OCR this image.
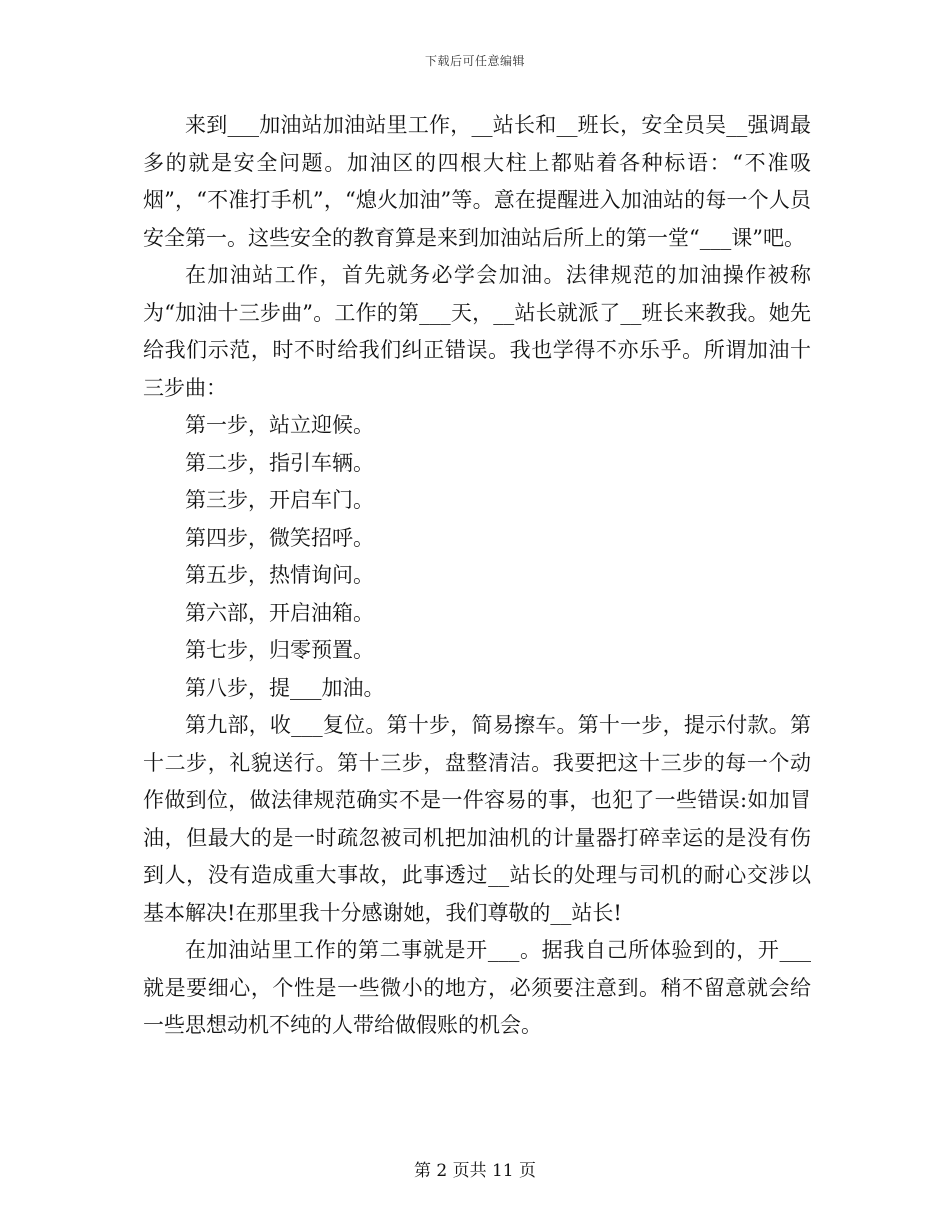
下载后可任意编辑

来到___加油站加油站里工作，__站长和__班长，安全员吴__强调最多的就是安全问题。加油区的四根大柱上都贴着各种标语：“不准吸烟”，“不准打手机”，“熄火加油”等。意在提醒进入加油站的每一个人员安全第一。这些安全的教育算是来到加油站后所上的第一堂“___课”吧。

在加油站工作，首先就务必学会加油。法律规范的加油操作被称为“加油十三步曲”。工作的第___天，__站长就派了__班长来教我。她先给我们示范，时不时给我们纠正错误。我也学得不亦乐乎。所谓加油十三步曲：

第一步，站立迎候。

第二步，指引车辆。

第三步，开启车门。

第四步，微笑招呼。

第五步，热情询问。

第六部，开启油箱。

第七步，归零预置。

第八步，提___加油。

第九部，收___复位。第十步，简易擦车。第十一步，提示付款。第十二步，礼貌送行。第十三步，盘整清洁。我要把这十三步的每一个动作做到位，做法律规范确实不是一件容易的事，也犯了一些错误:如加冒油，但最大的是一时疏忽被司机把加油机的计量器打碎幸运的是没有伤到人，没有造成重大事故，此事透过__站长的处理与司机的耐心交涉以基本解决!在那里我十分感谢她，我们尊敬的__站长!

在加油站里工作的第二事就是开___。据我自己所体验到的，开___就是要细心，个性是一些微小的地方，必须要注意到。稍不留意就会给一些思想动机不纯的人带给做假账的机会。

第 2 页共 11 页
